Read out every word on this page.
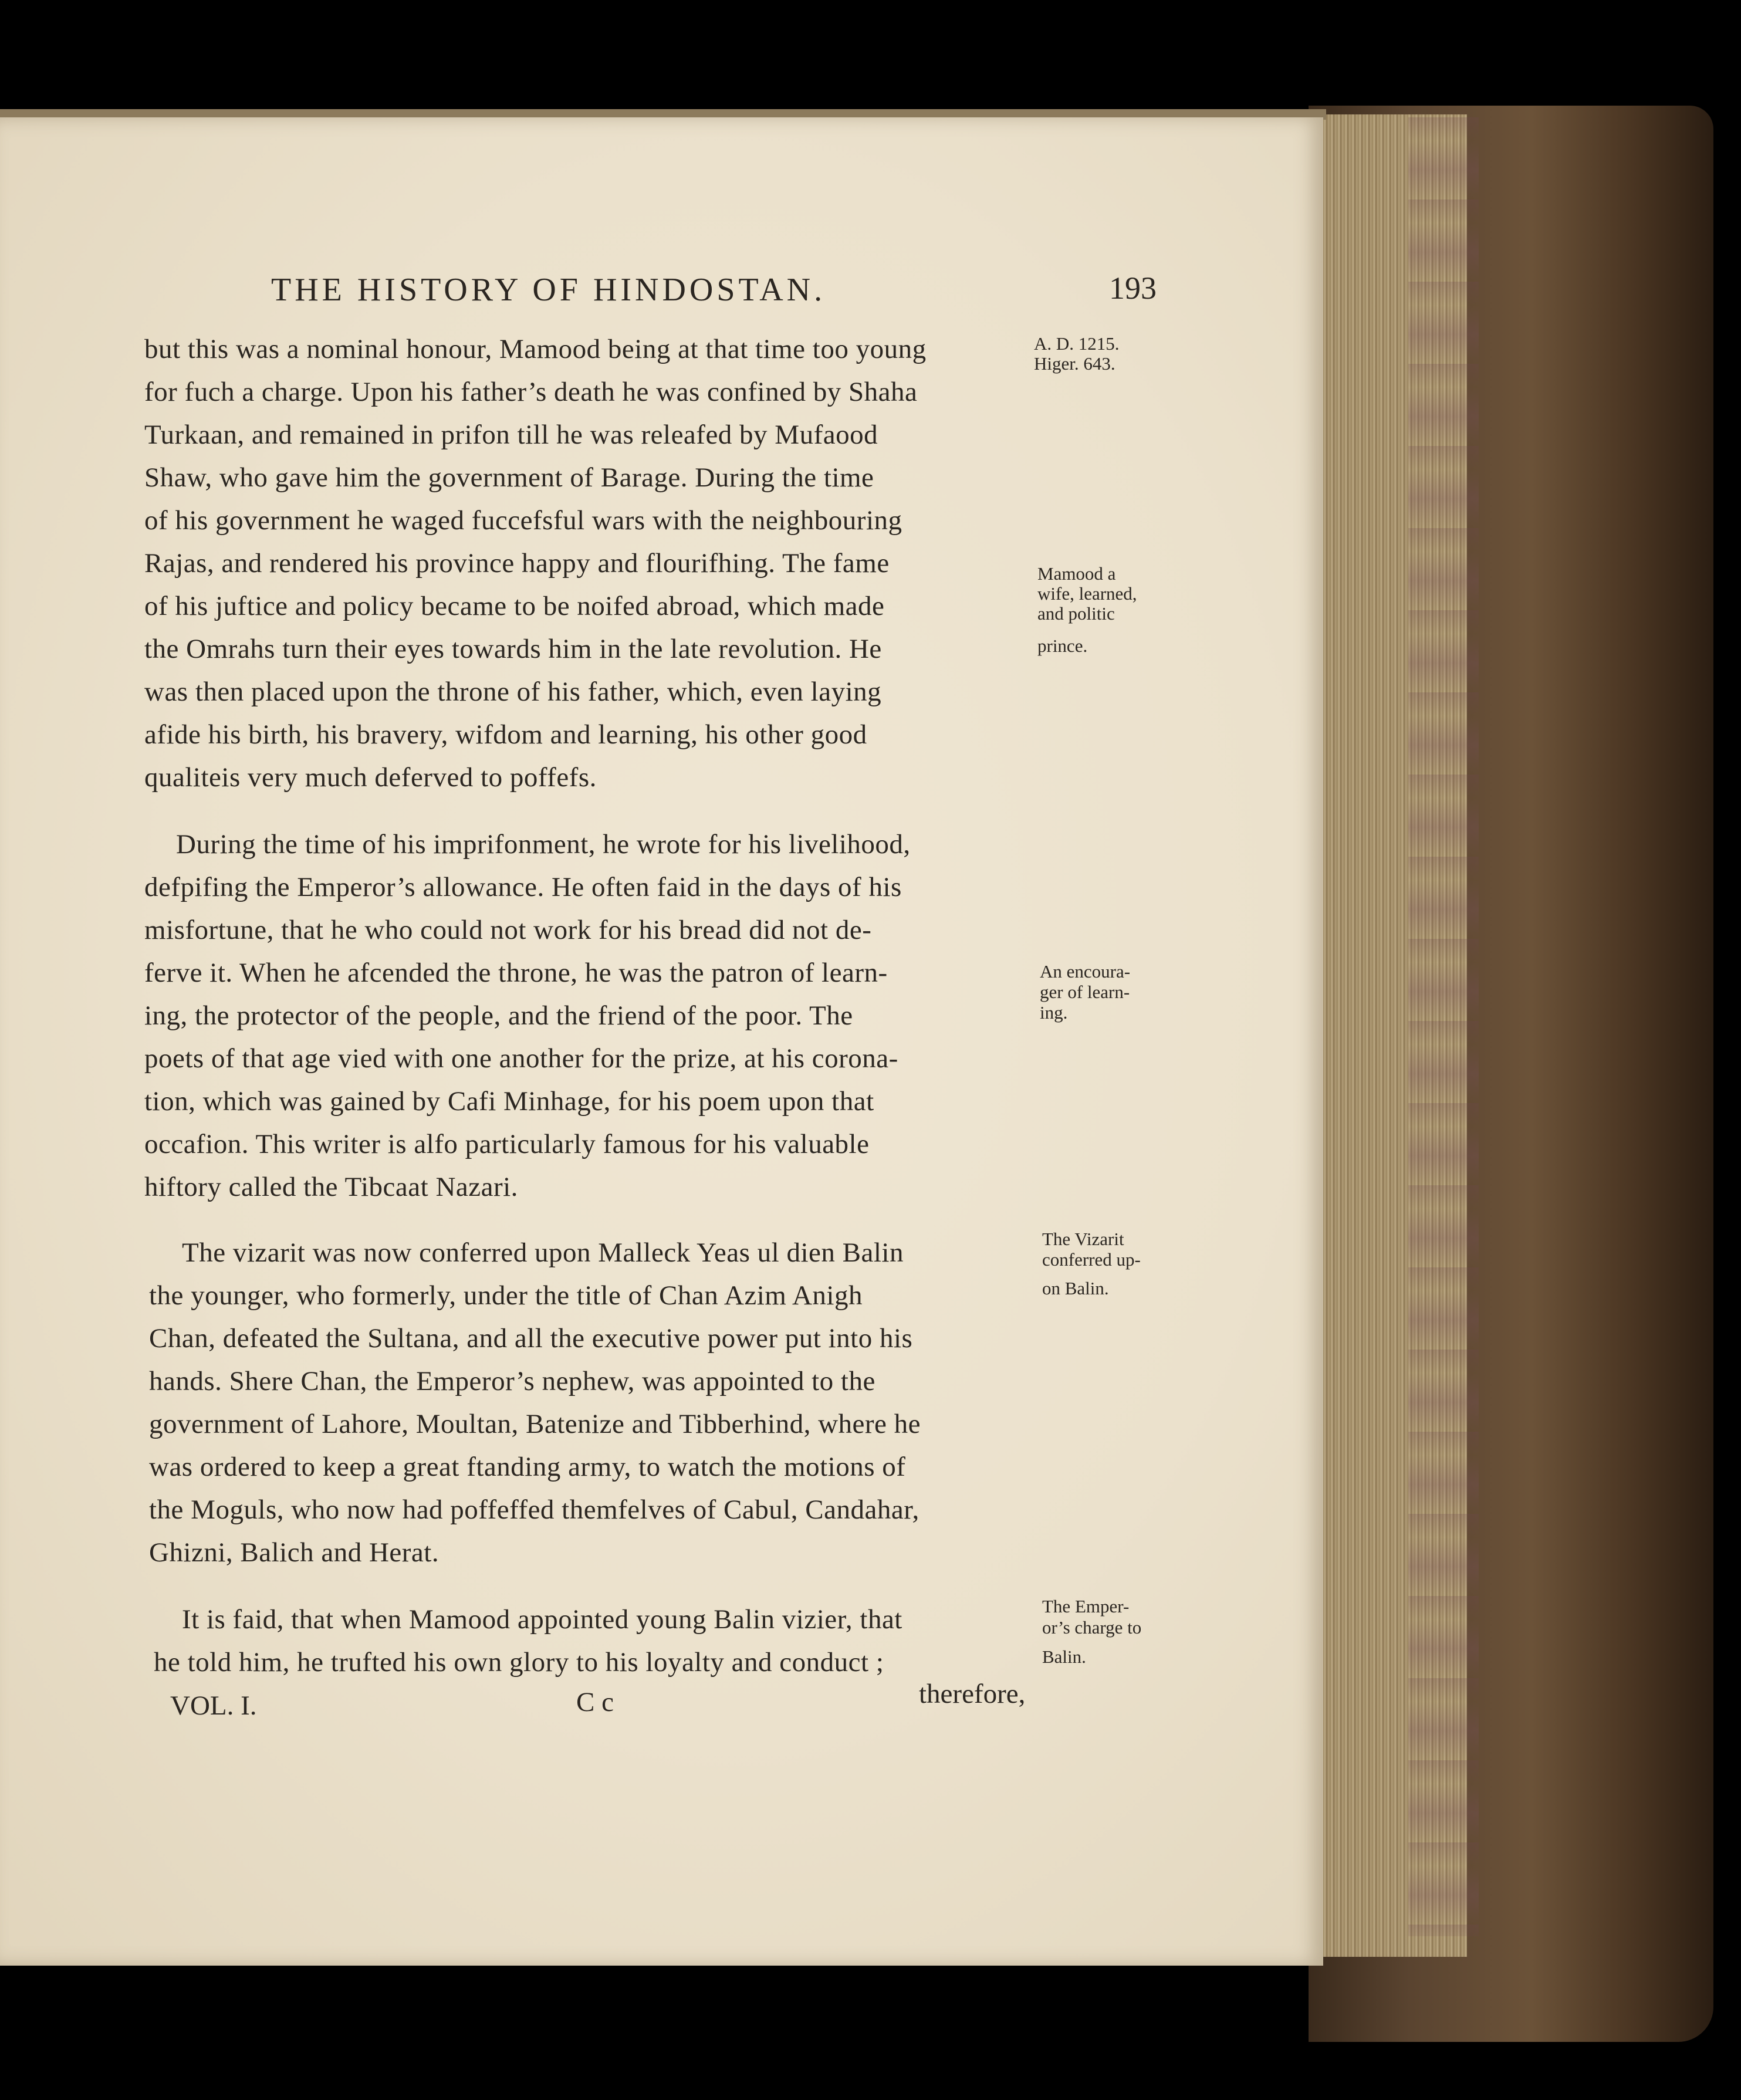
THE HISTORY OF HINDOSTAN.	193
but this was a nominal honour, Mamood being at that time too young
for fuch a charge. Upon his father’s death he was confined by Shaha
Turkaan, and remained in prifon till he was releafed by Mufaood
Shaw, who gave him the government of Barage. During the time
of his government he waged fuccefsful wars with the neighbouring
Rajas, and rendered his province happy and flourifhing. The fame
of his juftice and policy became to be noifed abroad, which made
the Omrahs turn their eyes towards him in the late revolution. He
was then placed upon the throne of his father, which, even laying
afide his birth, his bravery, wifdom and learning, his other good
qualiteis very much deferved to poffefs.
During the time of his imprifonment, he wrote for his livelihood,
defpifing the Emperor’s allowance. He often faid in the days of his
misfortune, that he who could not work for his bread did not de-
ferve it. When he afcended the throne, he was the patron of learn-
ing, the protector of the people, and the friend of the poor. The
poets of that age vied with one another for the prize, at his corona-
tion, which was gained by Cafi Minhage, for his poem upon that
occafion. This writer is alfo particularly famous for his valuable
hiftory called the Tibcaat Nazari.
The vizarit was now conferred upon Malleck Yeas ul dien Balin
the younger, who formerly, under the title of Chan Azim Anigh
Chan, defeated the Sultana, and all the executive power put into his
hands. Shere Chan, the Emperor’s nephew, was appointed to the
government of Lahore, Moultan, Batenize and Tibberhind, where he
was ordered to keep a great ftanding army, to watch the motions of
the Moguls, who now had poffeffed themfelves of Cabul, Candahar,
Ghizni, Balich and Herat.
It is faid, that when Mamood appointed young Balin vizier, that
he told him, he trufted his own glory to his loyalty and conduct ;
VOL. I.	C c	therefore,
A. D. 1215.
Higer. 643.
Mamood a
wife, learned,
and politic
prince.
An encoura-
ger of learn-
ing.
The Vizarit
conferred up-
on Balin.
The Emper-
or’s charge to
Balin.
